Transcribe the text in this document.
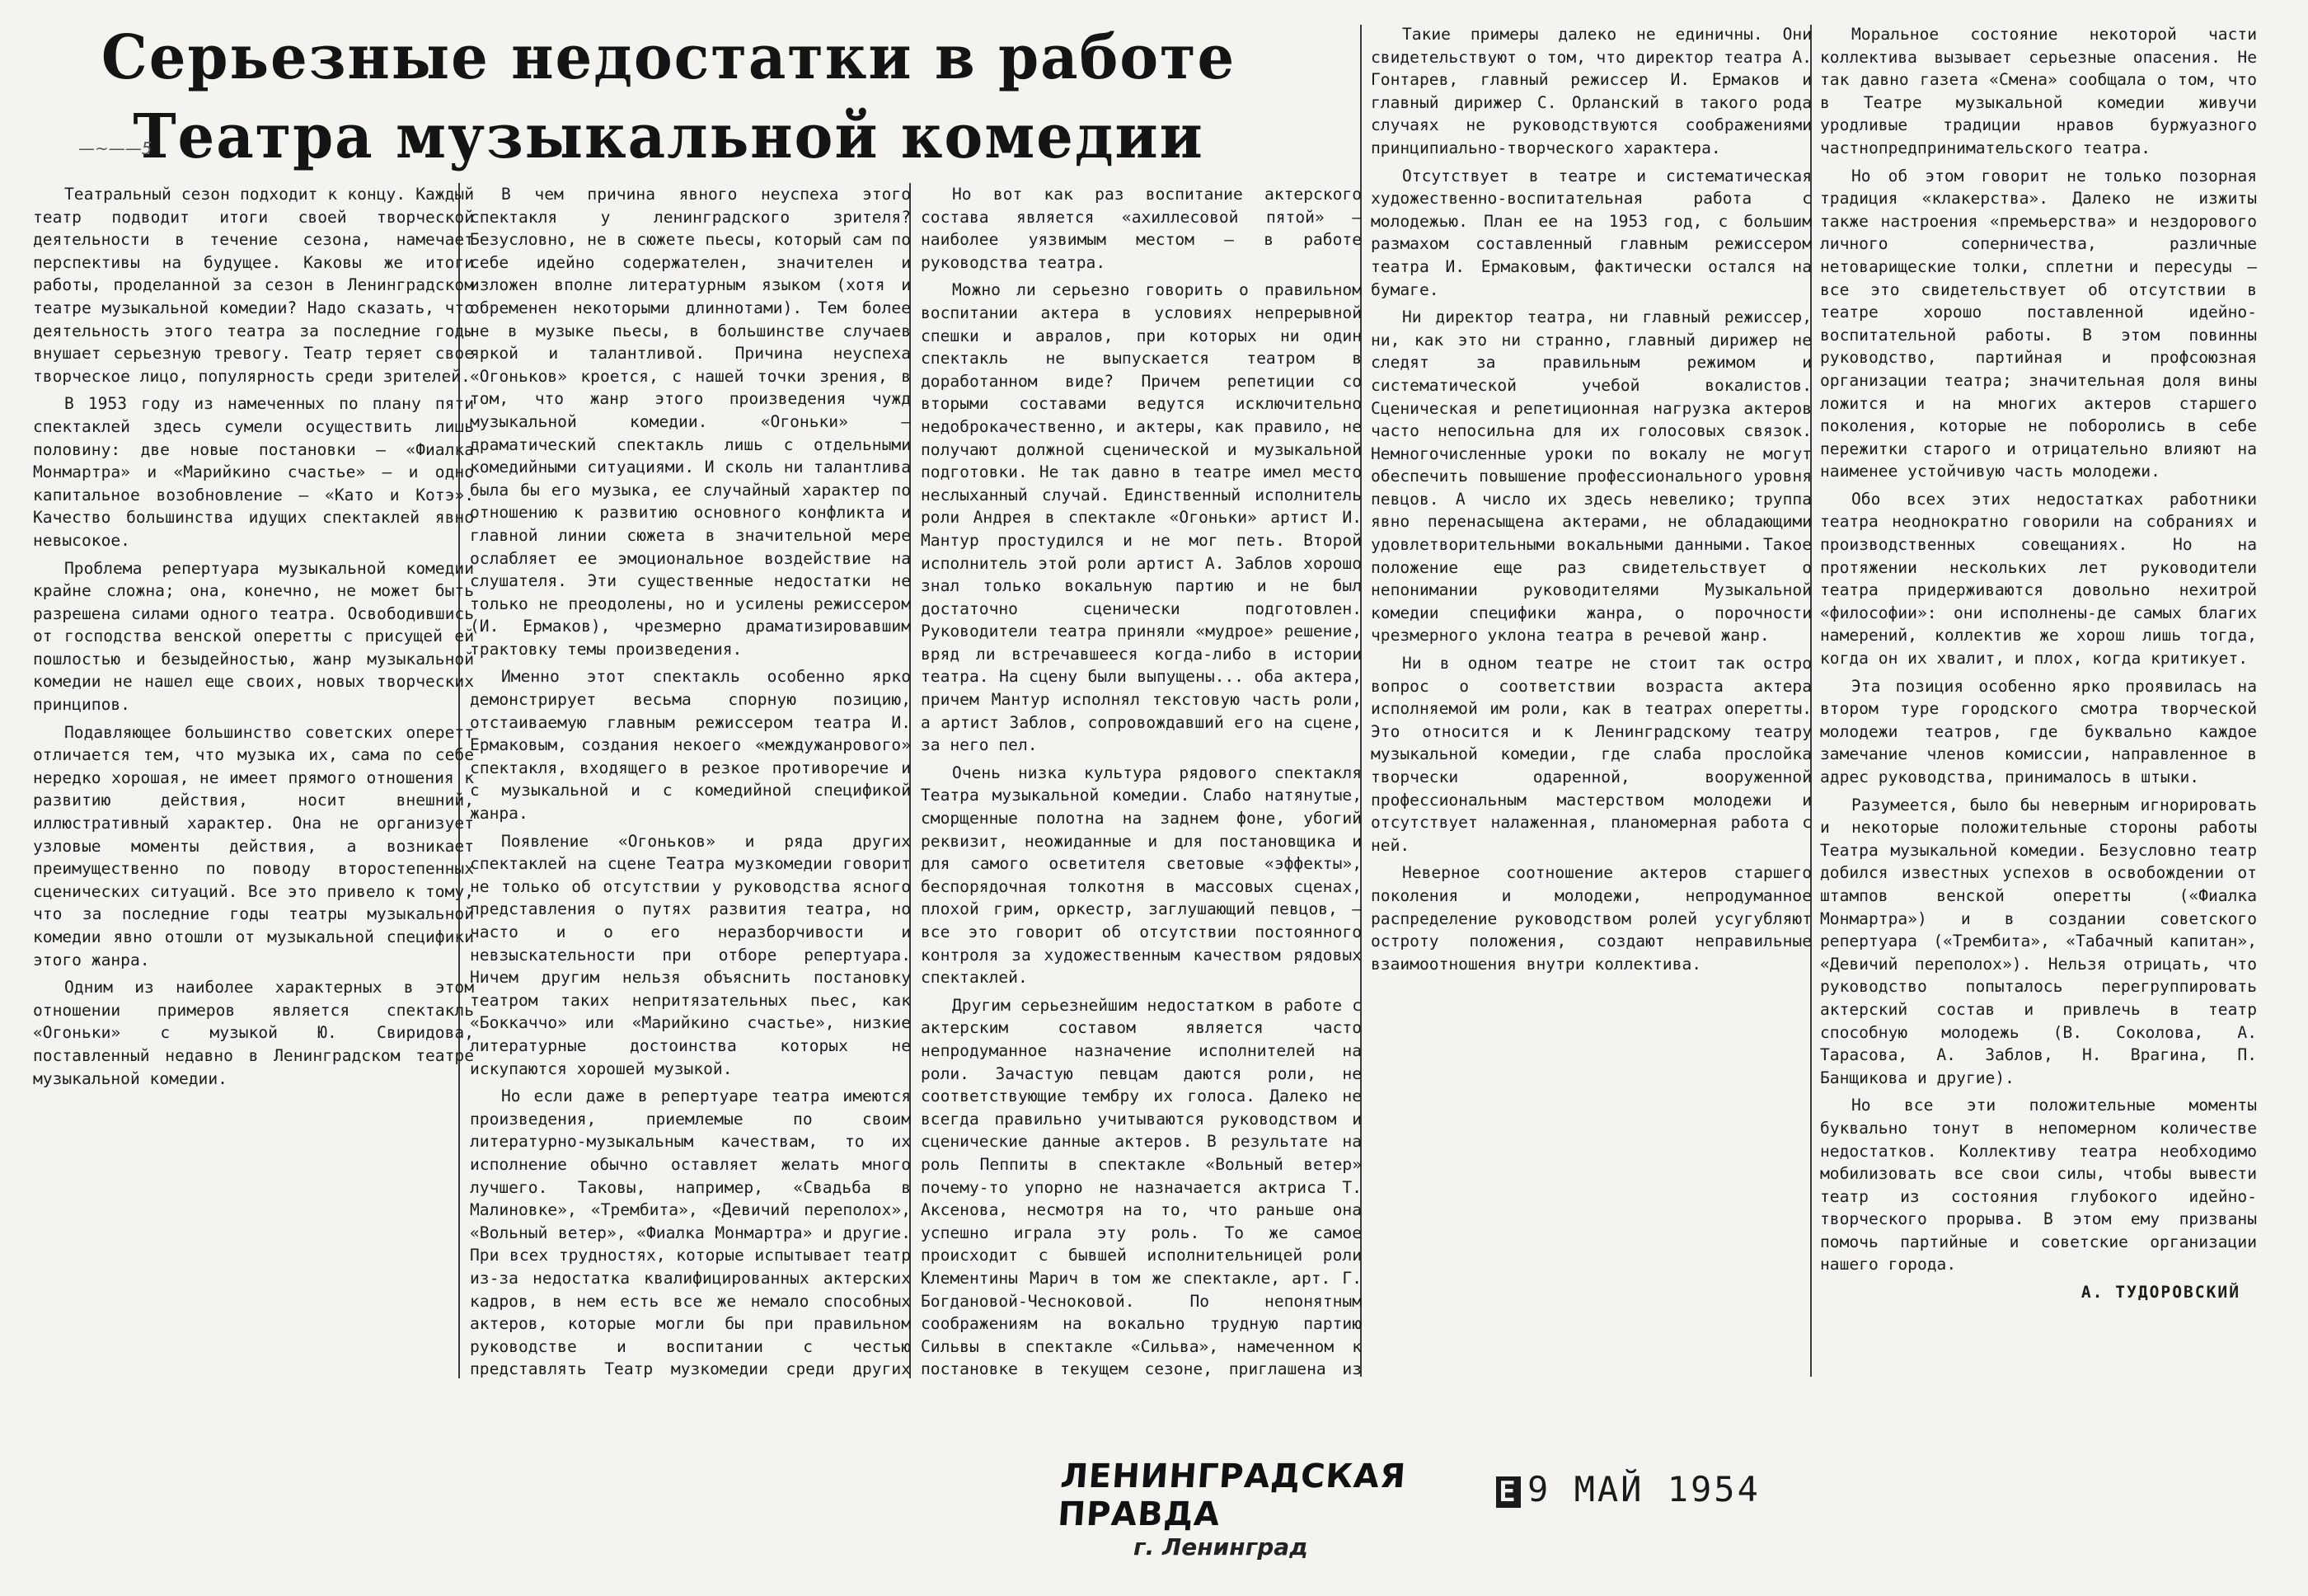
Серьезные недостатки в работе Театра музыкальной комедии
—~——5

Театральный сезон подходит к концу. Каждый театр подводит итоги своей творческой деятельности в течение сезона, намечает перспективы на будущее. Каковы же итоги работы, проделанной за сезон в Ленинградском театре музыкальной комедии? Надо сказать, что деятельность этого театра за последние годы внушает серьезную тревогу. Театр теряет свое творческое лицо, популярность среди зрителей.

В 1953 году из намеченных по плану пяти спектаклей здесь сумели осуществить лишь половину: две новые постановки — «Фиалка Монмартра» и «Марийкино счастье» — и одно капитальное возобновление — «Като и Котэ». Качество большинства идущих спектаклей явно невысокое.

Проблема репертуара музыкальной комедии крайне сложна; она, конечно, не может быть разрешена силами одного театра. Освободившись от господства венской оперетты с присущей ей пошлостью и безыдейностью, жанр музыкальной комедии не нашел еще своих, новых творческих принципов.

Подавляющее большинство советских оперетт отличается тем, что музыка их, сама по себе нередко хорошая, не имеет прямого отношения к развитию действия, носит внешний, иллюстративный характер. Она не организует узловые моменты действия, а возникает преимущественно по поводу второстепенных сценических ситуаций. Все это привело к тому, что за последние годы театры музыкальной комедии явно отошли от музыкальной специфики этого жанра.

Одним из наиболее характерных в этом отношении примеров является спектакль «Огоньки» с музыкой Ю. Свиридова, поставленный недавно в Ленинградском театре музыкальной комедии.

В чем причина явного неуспеха этого спектакля у ленинградского зрителя? Безусловно, не в сюжете пьесы, который сам по себе идейно содержателен, значителен и изложен вполне литературным языком (хотя и обременен некоторыми длиннотами). Тем более не в музыке пьесы, в большинстве случаев яркой и талантливой. Причина неуспеха «Огоньков» кроется, с нашей точки зрения, в том, что жанр этого произведения чужд музыкальной комедии. «Огоньки» — драматический спектакль лишь с отдельными комедийными ситуациями. И сколь ни талантлива была бы его музыка, ее случайный характер по отношению к развитию основного конфликта и главной линии сюжета в значительной мере ослабляет ее эмоциональное воздействие на слушателя. Эти существенные недостатки не только не преодолены, но и усилены режиссером (И. Ермаков), чрезмерно драматизировавшим трактовку темы произведения.

Именно этот спектакль особенно ярко демонстрирует весьма спорную позицию, отстаиваемую главным режиссером театра И. Ермаковым, создания некоего «междужанрового» спектакля, входящего в резкое противоречие и с музыкальной и с комедийной спецификой жанра.

Появление «Огоньков» и ряда других спектаклей на сцене Театра музкомедии говорит не только об отсутствии у руководства ясного представления о путях развития театра, но часто и о его неразборчивости и невзыскательности при отборе репертуара. Ничем другим нельзя объяснить постановку театром таких непритязательных пьес, как «Боккаччо» или «Марийкино счастье», низкие литературные достоинства которых не искупаются хорошей музыкой.

Но если даже в репертуаре театра имеются произведения, приемлемые по своим литературно-музыкальным качествам, то их исполнение обычно оставляет желать много лучшего. Таковы, например, «Свадьба в Малиновке», «Трембита», «Девичий переполох», «Вольный ветер», «Фиалка Монмартра» и другие. При всех трудностях, которые испытывает театр из-за недостатка квалифицированных актерских кадров, в нем есть все же немало способных актеров, которые могли бы при правильном руководстве и воспитании с честью представлять Театр музкомедии среди других

Но вот как раз воспитание актерского состава является «ахиллесовой пятой» — наиболее уязвимым местом — в работе руководства театра.

Можно ли серьезно говорить о правильном воспитании актера в условиях непрерывной спешки и авралов, при которых ни один спектакль не выпускается театром в доработанном виде? Причем репетиции со вторыми составами ведутся исключительно недоброкачественно, и актеры, как правило, не получают должной сценической и музыкальной подготовки. Не так давно в театре имел место неслыханный случай. Единственный исполнитель роли Андрея в спектакле «Огоньки» артист И. Мантур простудился и не мог петь. Второй исполнитель этой роли артист А. Заблов хорошо знал только вокальную партию и не был достаточно сценически подготовлен. Руководители театра приняли «мудрое» решение, вряд ли встречавшееся когда-либо в истории театра. На сцену были выпущены... оба актера, причем Мантур исполнял текстовую часть роли, а артист Заблов, сопровождавший его на сцене, за него пел.

Очень низка культура рядового спектакля Театра музыкальной комедии. Слабо натянутые, сморщенные полотна на заднем фоне, убогий реквизит, неожиданные и для постановщика и для самого осветителя световые «эффекты», беспорядочная толкотня в массовых сценах, плохой грим, оркестр, заглушающий певцов, — все это говорит об отсутствии постоянного контроля за художественным качеством рядовых спектаклей.

Другим серьезнейшим недостатком в работе с актерским составом является часто непродуманное назначение исполнителей на роли. Зачастую певцам даются роли, не соответствующие тембру их голоса. Далеко не всегда правильно учитываются руководством и сценические данные актеров. В результате на роль Пеппиты в спектакле «Вольный ветер» почему-то упорно не назначается актриса Т. Аксенова, несмотря на то, что раньше она успешно играла эту роль. То же самое происходит с бывшей исполнительницей роли Клементины Марич в том же спектакле, арт. Г. Богдановой-Чесноковой. По непонятным соображениям на вокально трудную партию Сильвы в спектакле «Сильва», намеченном к постановке в текущем сезоне, приглашена из

Такие примеры далеко не единичны. Они свидетельствуют о том, что директор театра А. Гонтарев, главный режиссер И. Ермаков и главный дирижер С. Орланский в такого рода случаях не руководствуются соображениями принципиально-творческого характера.

Отсутствует в театре и систематическая художественно-воспитательная работа с молодежью. План ее на 1953 год, с большим размахом составленный главным режиссером театра И. Ермаковым, фактически остался на бумаге.

Ни директор театра, ни главный режиссер, ни, как это ни странно, главный дирижер не следят за правильным режимом и систематической учебой вокалистов. Сценическая и репетиционная нагрузка актеров часто непосильна для их голосовых связок. Немногочисленные уроки по вокалу не могут обеспечить повышение профессионального уровня певцов. А число их здесь невелико; труппа явно перенасыщена актерами, не обладающими удовлетворительными вокальными данными. Такое положение еще раз свидетельствует о непонимании руководителями Музыкальной комедии специфики жанра, о порочности чрезмерного уклона театра в речевой жанр.

Ни в одном театре не стоит так остро вопрос о соответствии возраста актера исполняемой им роли, как в театрах оперетты. Это относится и к Ленинградскому театру музыкальной комедии, где слаба прослойка творчески одаренной, вооруженной профессиональным мастерством молодежи и отсутствует налаженная, планомерная работа с ней.

Неверное соотношение актеров старшего поколения и молодежи, непродуманное распределение руководством ролей усугубляют остроту положения, создают неправильные взаимоотношения внутри коллектива.

Моральное состояние некоторой части коллектива вызывает серьезные опасения. Не так давно газета «Смена» сообщала о том, что в Театре музыкальной комедии живучи уродливые традиции нравов буржуазного частнопредпринимательского театра.

Но об этом говорит не только позорная традиция «клакерства». Далеко не изжиты также настроения «премьерства» и нездорового личного соперничества, различные нетоварищеские толки, сплетни и пересуды — все это свидетельствует об отсутствии в театре хорошо поставленной идейно-воспитательной работы. В этом повинны руководство, партийная и профсоюзная организации театра; значительная доля вины ложится и на многих актеров старшего поколения, которые не поборолись в себе пережитки старого и отрицательно влияют на наименее устойчивую часть молодежи.

Обо всех этих недостатках работники театра неоднократно говорили на собраниях и производственных совещаниях. Но на протяжении нескольких лет руководители театра придерживаются довольно нехитрой «философии»: они исполнены-де самых благих намерений, коллектив же хорош лишь тогда, когда он их хвалит, и плох, когда критикует.

Эта позиция особенно ярко проявилась на втором туре городского смотра творческой молодежи театров, где буквально каждое замечание членов комиссии, направленное в адрес руководства, принималось в штыки.

Разумеется, было бы неверным игнорировать и некоторые положительные стороны работы Театра музыкальной комедии. Безусловно театр добился известных успехов в освобождении от штампов венской оперетты («Фиалка Монмартра») и в создании советского репертуара («Трембита», «Табачный капитан», «Девичий переполох»). Нельзя отрицать, что руководство попыталось перегруппировать актерский состав и привлечь в театр способную молодежь (В. Соколова, А. Тарасова, А. Заблов, Н. Врагина, П. Банщикова и другие).

Но все эти положительные моменты буквально тонут в непомерном количестве недостатков. Коллективу театра необходимо мобилизовать все свои силы, чтобы вывести театр из состояния глубокого идейно-творческого прорыва. В этом ему призваны помочь партийные и советские организации нашего города.

А. ТУДОРОВСКИЙ

ЛЕНИНГРАДСКАЯ ПРАВДА
г. Ленинград
Е 9 МАЙ 1954
